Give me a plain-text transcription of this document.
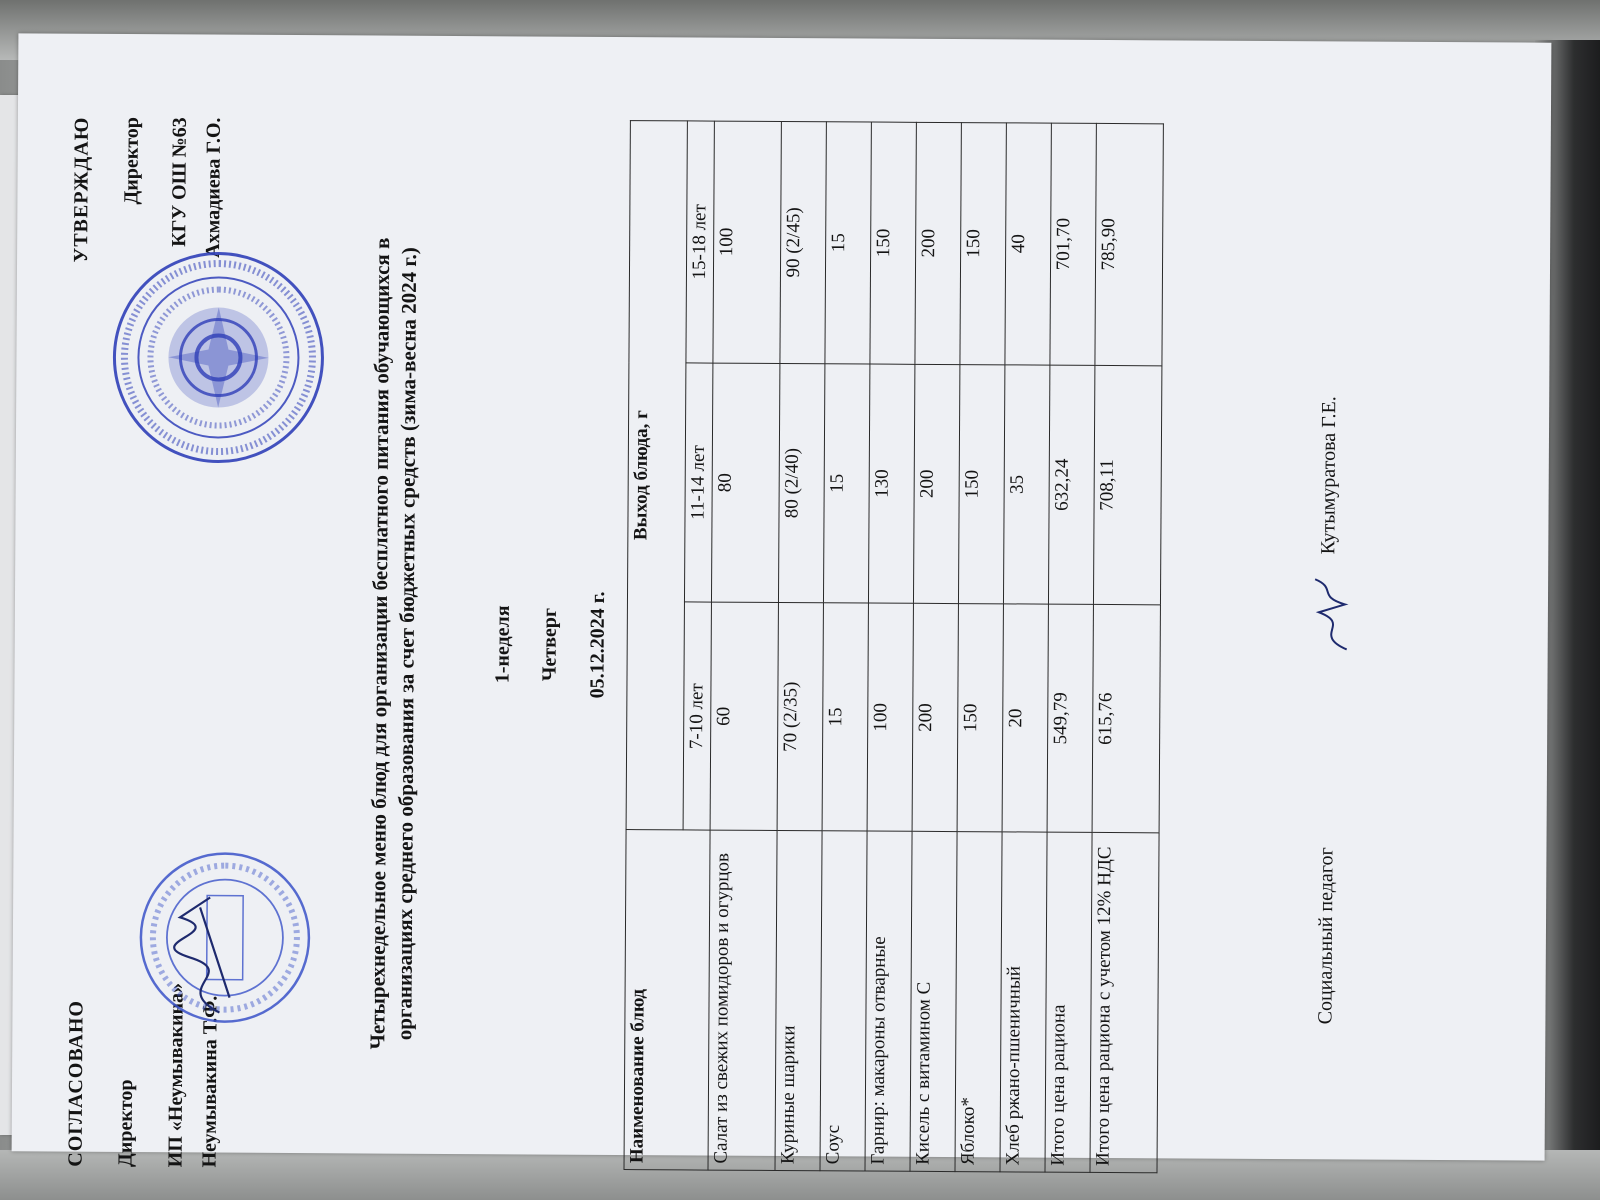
СОГЛАСОВАНО Директор ИП «Неумывакина» Неумывакина Т.Ф.
УТВЕРЖДАЮ Директор КГУ ОШ №63 Ахмадиева Г.О.
Четырехнедельное меню блюд для организации бесплатного питания обучающихся в
организациях среднего образования за счет бюджетных средств (зима-весна 2024 г.)	1-неделя Четверг 05.12.2024 г.
Наименование блюд	Выход блюда, г		
	7-10 лет	11-14 лет	15-18 лет
Салат из свежих помидоров и огурцов	60	80	100
Куриные шарики	70 (2/35)	80 (2/40)	90 (2/45)
Соус	15	15	15
Гарнир: макароны отварные	100	130	150
Кисель с витамином С	200	200	200
Яблоко*	150	150	150
Хлеб ржано-пшеничный	20	35	40
Итого цена рациона	549,79	632,24	701,70
Итого цена рациона с учетом 12% НДС	615,76	708,11	785,90
Социальный педагог
Кутымуратова Г.Е.
